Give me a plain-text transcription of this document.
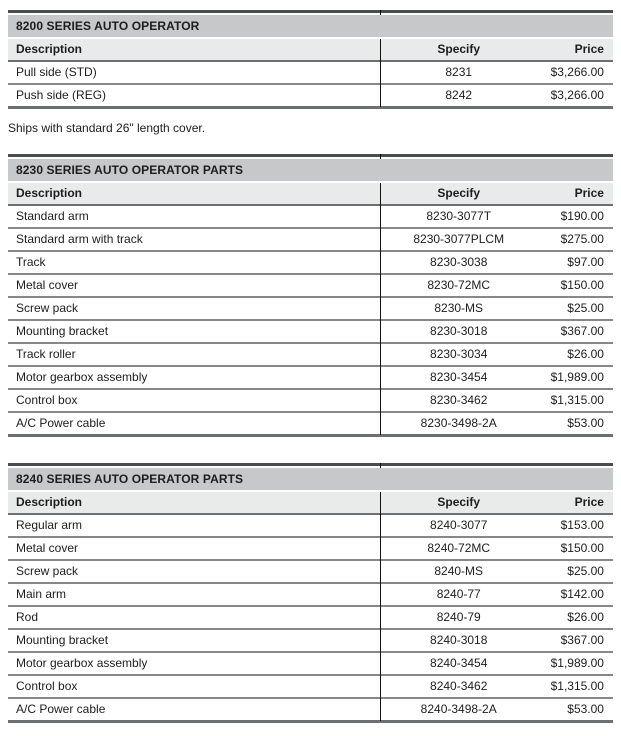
8200 SERIES AUTO OPERATOR
Description	Specify	Price
Pull side (STD)	8231	$3,266.00
Push side (REG)	8242	$3,266.00

Ships with standard 26" length cover.

8230 SERIES AUTO OPERATOR PARTS
Description	Specify	Price
Standard arm	8230-3077T	$190.00
Standard arm with track	8230-3077PLCM	$275.00
Track	8230-3038	$97.00
Metal cover	8230-72MC	$150.00
Screw pack	8230-MS	$25.00
Mounting bracket	8230-3018	$367.00
Track roller	8230-3034	$26.00
Motor gearbox assembly	8230-3454	$1,989.00
Control box	8230-3462	$1,315.00
A/C Power cable	8230-3498-2A	$53.00
8240 SERIES AUTO OPERATOR PARTS
Description	Specify	Price
Regular arm	8240-3077	$153.00
Metal cover	8240-72MC	$150.00
Screw pack	8240-MS	$25.00
Main arm	8240-77	$142.00
Rod	8240-79	$26.00
Mounting bracket	8240-3018	$367.00
Motor gearbox assembly	8240-3454	$1,989.00
Control box	8240-3462	$1,315.00
A/C Power cable	8240-3498-2A	$53.00
